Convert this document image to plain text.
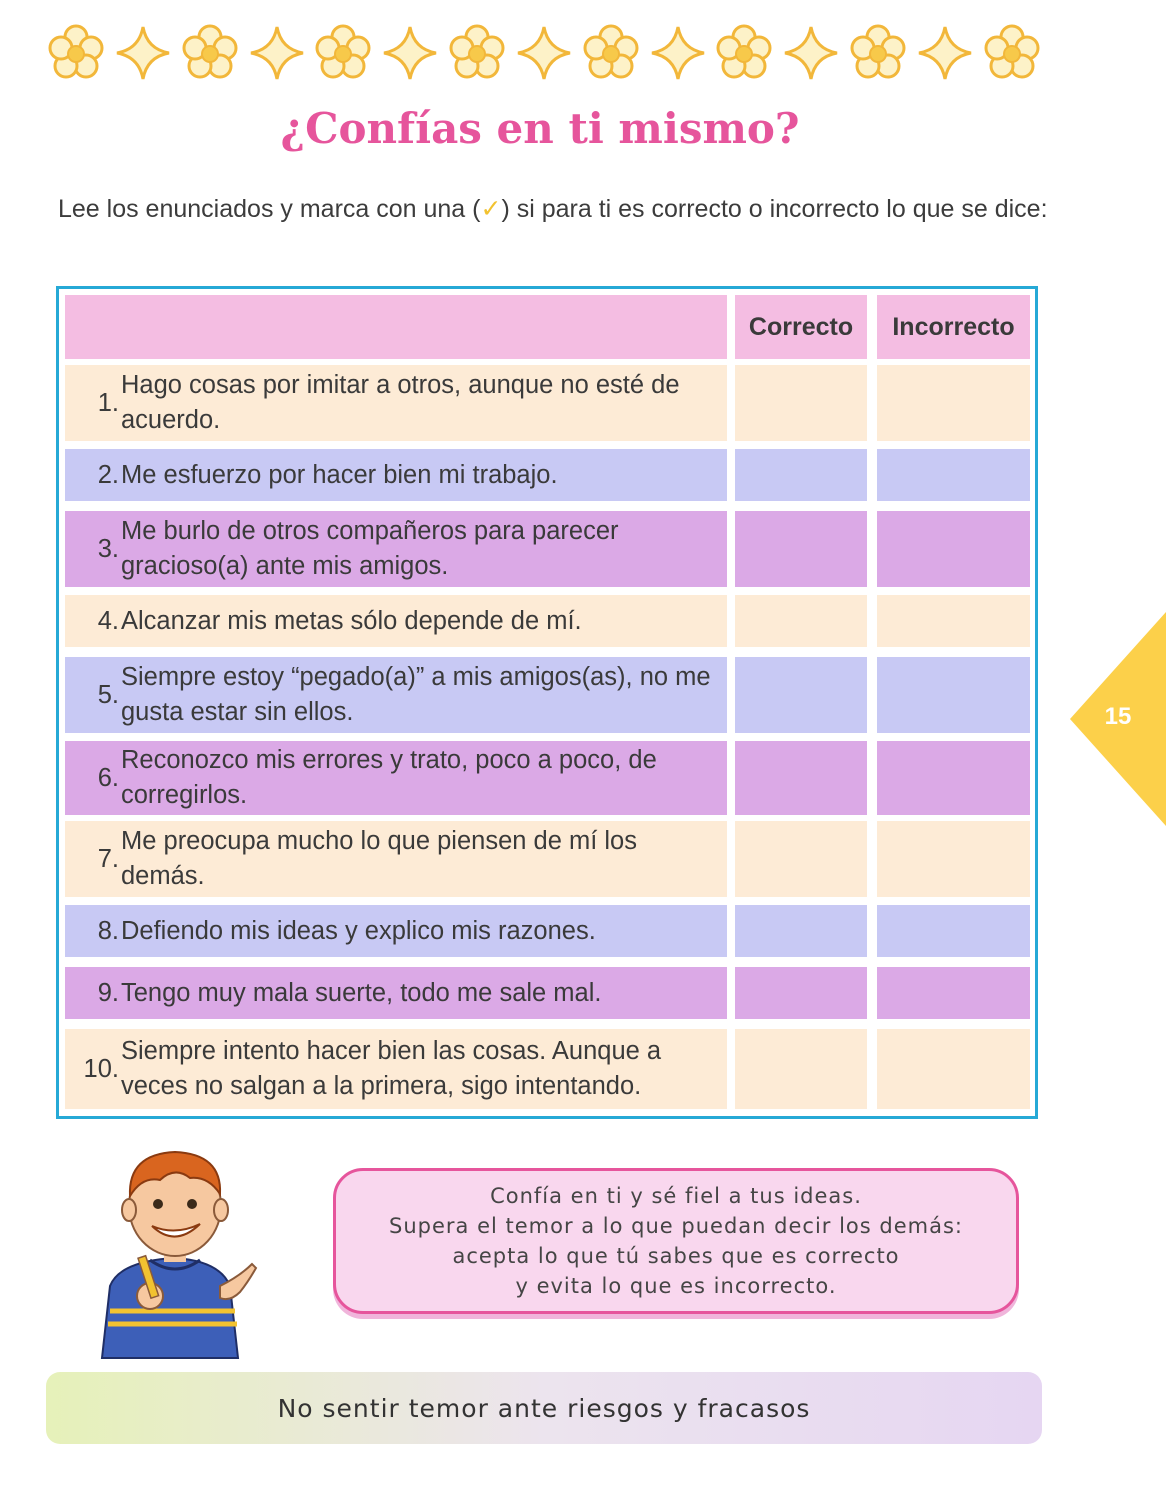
¿Confías en ti mismo?

Lee los enunciados y marca con una (✓) si para ti es correcto o incorrecto lo que se dice:

Correcto	Incorrecto
1.
Hago cosas por imitar a otros, aunque no esté de acuerdo.
2. Me esfuerzo por hacer bien mi trabajo.
3.
Me burlo de otros compañeros para parecer gracioso(a) ante mis amigos.
4. Alcanzar mis metas sólo depende de mí.
5.
Siempre estoy “pegado(a)” a mis amigos(as), no me gusta estar sin ellos.
6.
Reconozco mis errores y trato, poco a poco, de corregirlos.
7.
Me preocupa mucho lo que piensen de mí los demás.
8. Defiendo mis ideas y explico mis razones.
9. Tengo muy mala suerte, todo me sale mal.
10.
Siempre intento hacer bien las cosas. Aunque a veces no salgan a la primera, sigo intentando.
Confía en ti y sé fiel a tus ideas.
Supera el temor a lo que puedan decir los demás:
acepta lo que tú sabes que es correcto
y evita lo que es incorrecto.
No sentir temor ante riesgos y fracasos
15
